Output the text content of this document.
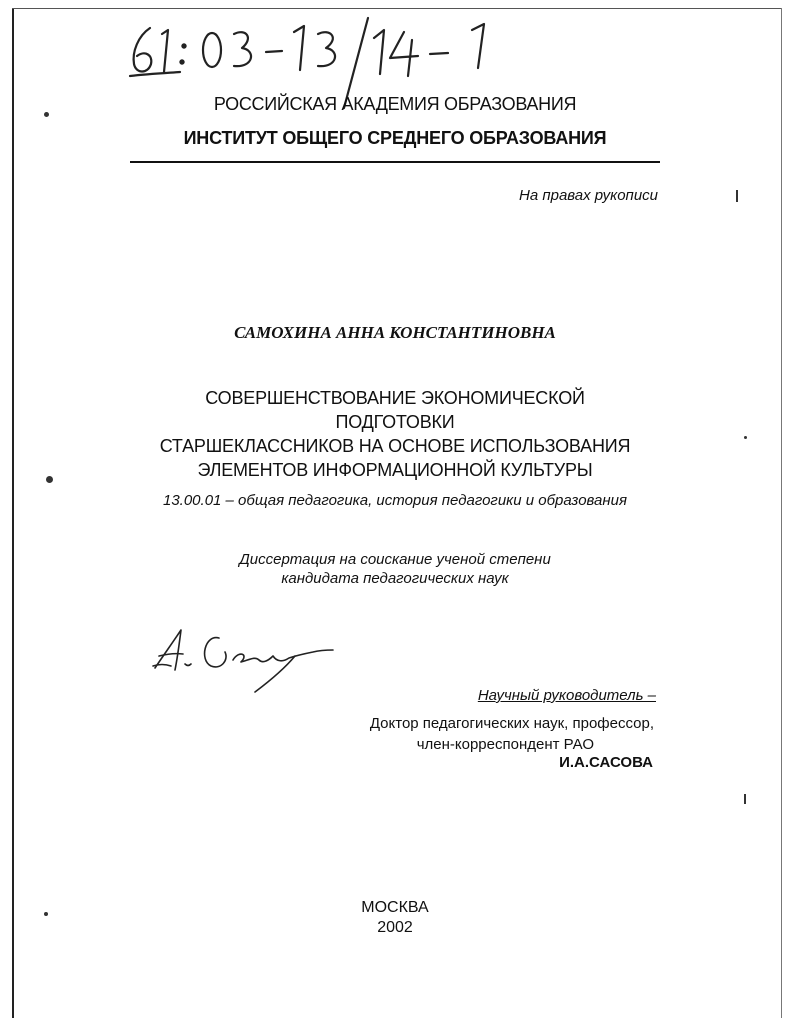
РОССИЙСКАЯ АКАДЕМИЯ ОБРАЗОВАНИЯ
ИНСТИТУТ ОБЩЕГО СРЕДНЕГО ОБРАЗОВАНИЯ
На правах рукописи
САМОХИНА АННА КОНСТАНТИНОВНА
СОВЕРШЕНСТВОВАНИЕ ЭКОНОМИЧЕСКОЙ ПОДГОТОВКИ
СТАРШЕКЛАССНИКОВ НА ОСНОВЕ ИСПОЛЬЗОВАНИЯ
ЭЛЕМЕНТОВ ИНФОРМАЦИОННОЙ КУЛЬТУРЫ
13.00.01 – общая педагогика, история педагогики и образования
Диссертация на соискание ученой степени
кандидата педагогических наук
Научный руководитель –
Доктор педагогических наук, профессор,
член-корреспондент РАО
И.А.САСОВА
МОСКВА
2002
